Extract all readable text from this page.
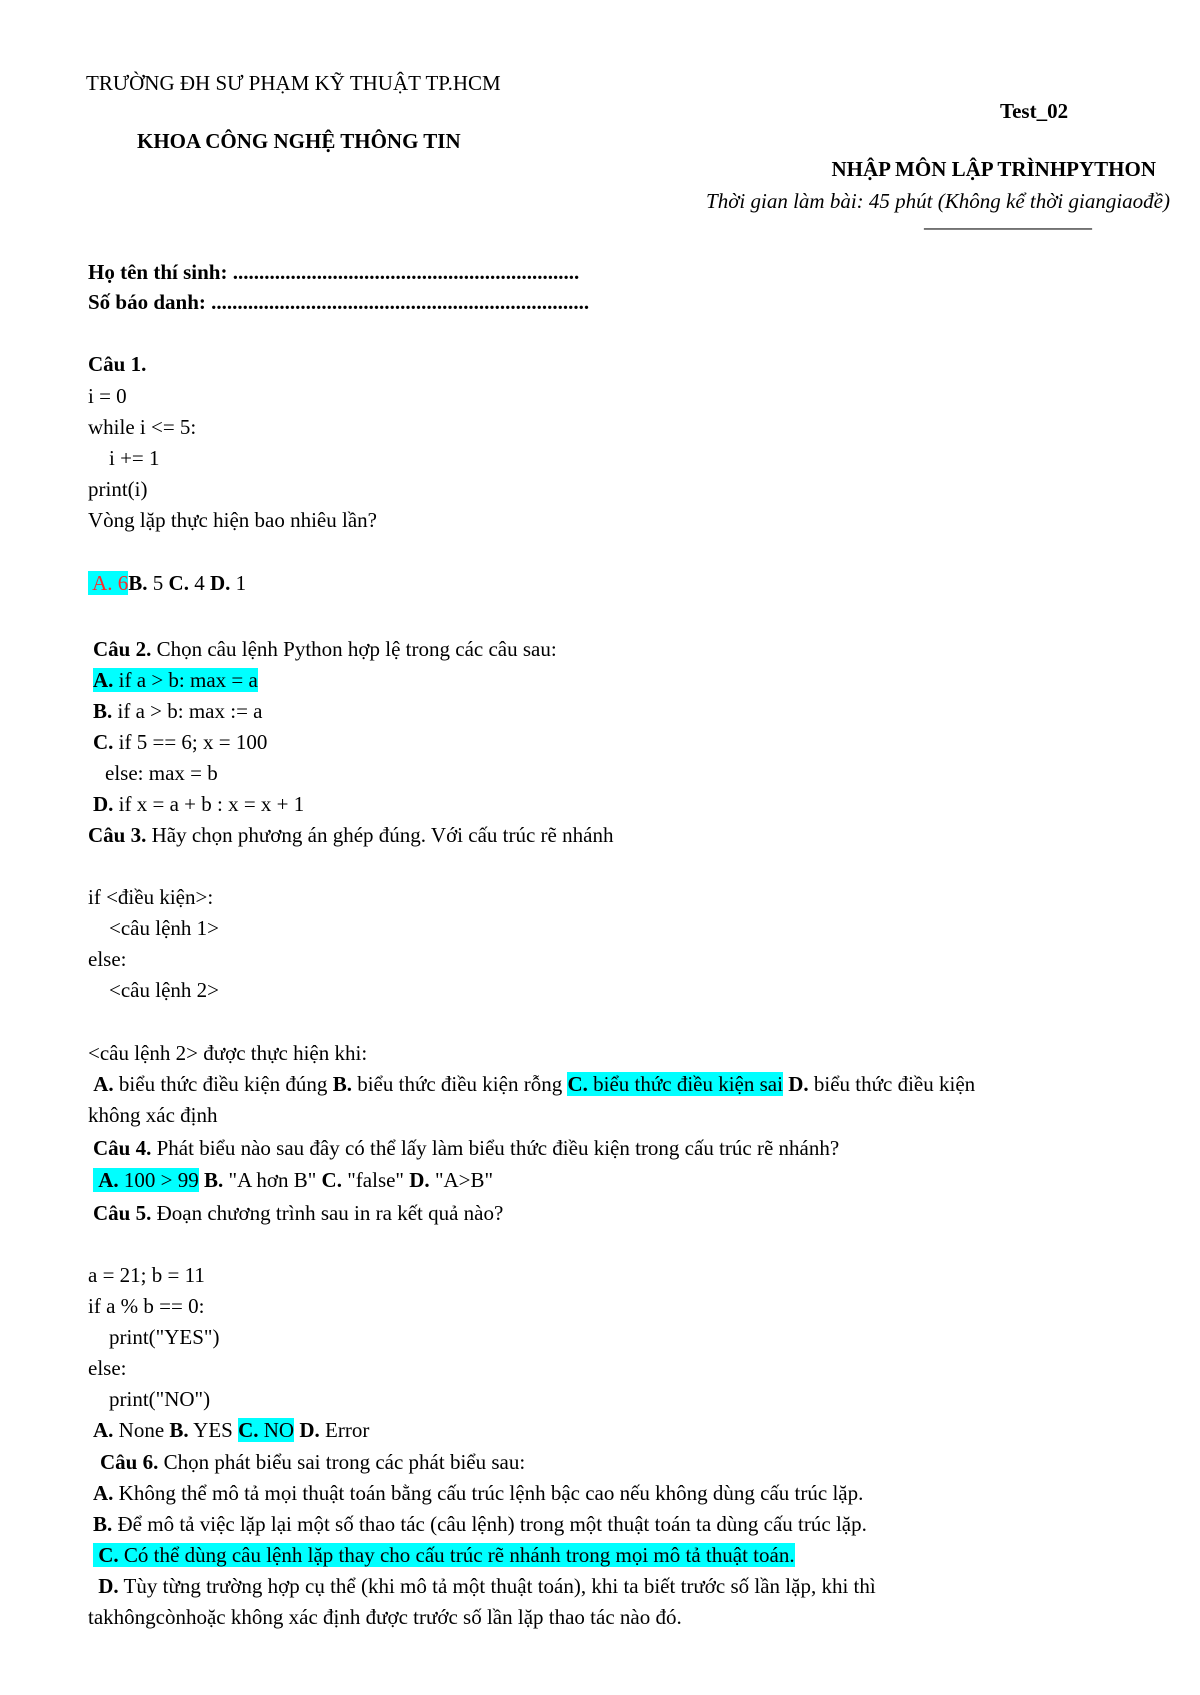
TRƯỜNG ĐH SƯ PHẠM KỸ THUẬT TP.HCM
Test_02
KHOA CÔNG NGHỆ THÔNG TIN
NHẬP MÔN LẬP TRÌNHPYTHON
Thời gian làm bài: 45 phút (Không kể thời giangiaođề)
––––––––––––––––
Họ tên thí sinh: ..................................................................
Số báo danh: ........................................................................
Câu 1.
i = 0
while i <= 5:
i += 1
print(i)
Vòng lặp thực hiện bao nhiêu lần?
A. 6B. 5 C. 4 D. 1
Câu 2. Chọn câu lệnh Python hợp lệ trong các câu sau:
A. if a > b: max = a
B. if a > b: max := a
C. if 5 == 6; x = 100
else: max = b
D. if x = a + b : x = x + 1
Câu 3. Hãy chọn phương án ghép đúng. Với cấu trúc rẽ nhánh
if <điều kiện>:
<câu lệnh 1>
else:
<câu lệnh 2>
<câu lệnh 2> được thực hiện khi:
A. biểu thức điều kiện đúng B. biểu thức điều kiện rỗng C. biểu thức điều kiện sai D. biểu thức điều kiện
không xác định
Câu 4. Phát biểu nào sau đây có thể lấy làm biểu thức điều kiện trong cấu trúc rẽ nhánh?
A. 100 > 99 B. "A hơn B" C. "false" D. "A>B"
Câu 5. Đoạn chương trình sau in ra kết quả nào?
a = 21; b = 11
if a % b == 0:
print("YES")
else:
print("NO")
A. None B. YES C. NO D. Error
Câu 6. Chọn phát biểu sai trong các phát biểu sau:
A. Không thể mô tả mọi thuật toán bằng cấu trúc lệnh bậc cao nếu không dùng cấu trúc lặp.
B. Để mô tả việc lặp lại một số thao tác (câu lệnh) trong một thuật toán ta dùng cấu trúc lặp.
C. Có thể dùng câu lệnh lặp thay cho cấu trúc rẽ nhánh trong mọi mô tả thuật toán.
D. Tùy từng trường hợp cụ thể (khi mô tả một thuật toán), khi ta biết trước số lần lặp, khi thì
takhôngcònhoặc không xác định được trước số lần lặp thao tác nào đó.
